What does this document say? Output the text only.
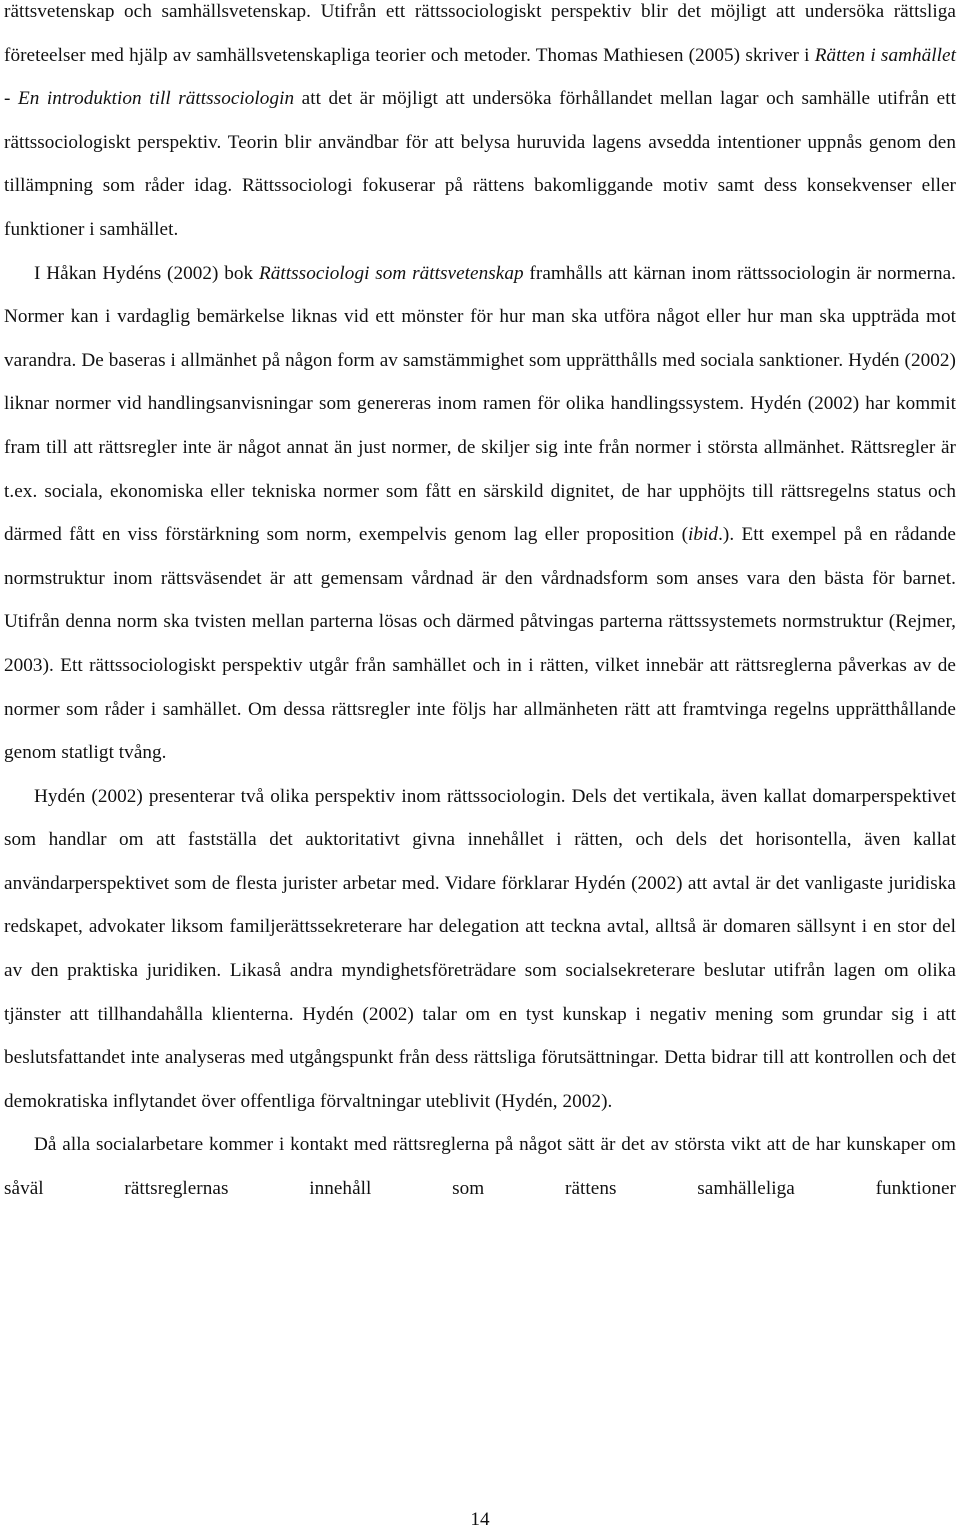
rättsvetenskap och samhällsvetenskap. Utifrån ett rättssociologiskt perspektiv blir det möjligt att undersöka rättsliga företeelser med hjälp av samhällsvetenskapliga teorier och metoder. Thomas Mathiesen (2005) skriver i Rätten i samhället - En introduktion till rättssociologin att det är möjligt att undersöka förhållandet mellan lagar och samhälle utifrån ett rättssociologiskt perspektiv. Teorin blir användbar för att belysa huruvida lagens avsedda intentioner uppnås genom den tillämpning som råder idag. Rättssociologi fokuserar på rättens bakomliggande motiv samt dess konsekvenser eller funktioner i samhället.

I Håkan Hydéns (2002) bok Rättssociologi som rättsvetenskap framhålls att kärnan inom rättssociologin är normerna. Normer kan i vardaglig bemärkelse liknas vid ett mönster för hur man ska utföra något eller hur man ska uppträda mot varandra. De baseras i allmänhet på någon form av samstämmighet som upprätthålls med sociala sanktioner. Hydén (2002) liknar normer vid handlingsanvisningar som genereras inom ramen för olika handlingssystem. Hydén (2002) har kommit fram till att rättsregler inte är något annat än just normer, de skiljer sig inte från normer i största allmänhet. Rättsregler är t.ex. sociala, ekonomiska eller tekniska normer som fått en särskild dignitet, de har upphöjts till rättsregelns status och därmed fått en viss förstärkning som norm, exempelvis genom lag eller proposition (ibid.). Ett exempel på en rådande normstruktur inom rättsväsendet är att gemensam vårdnad är den vårdnadsform som anses vara den bästa för barnet. Utifrån denna norm ska tvisten mellan parterna lösas och därmed påtvingas parterna rättssystemets normstruktur (Rejmer, 2003). Ett rättssociologiskt perspektiv utgår från samhället och in i rätten, vilket innebär att rättsreglerna påverkas av de normer som råder i samhället. Om dessa rättsregler inte följs har allmänheten rätt att framtvinga regelns upprätthållande genom statligt tvång.

Hydén (2002) presenterar två olika perspektiv inom rättssociologin. Dels det vertikala, även kallat domarperspektivet som handlar om att fastställa det auktoritativt givna innehållet i rätten, och dels det horisontella, även kallat användarperspektivet som de flesta jurister arbetar med. Vidare förklarar Hydén (2002) att avtal är det vanligaste juridiska redskapet, advokater liksom familjerättssekreterare har delegation att teckna avtal, alltså är domaren sällsynt i en stor del av den praktiska juridiken. Likaså andra myndighetsföreträdare som socialsekreterare beslutar utifrån lagen om olika tjänster att tillhandahålla klienterna. Hydén (2002) talar om en tyst kunskap i negativ mening som grundar sig i att beslutsfattandet inte analyseras med utgångspunkt från dess rättsliga förutsättningar. Detta bidrar till att kontrollen och det demokratiska inflytandet över offentliga förvaltningar uteblivit (Hydén, 2002).

Då alla socialarbetare kommer i kontakt med rättsreglerna på något sätt är det av största vikt att de har kunskaper om såväl rättsreglernas innehåll som rättens samhälleliga funktioner

14
